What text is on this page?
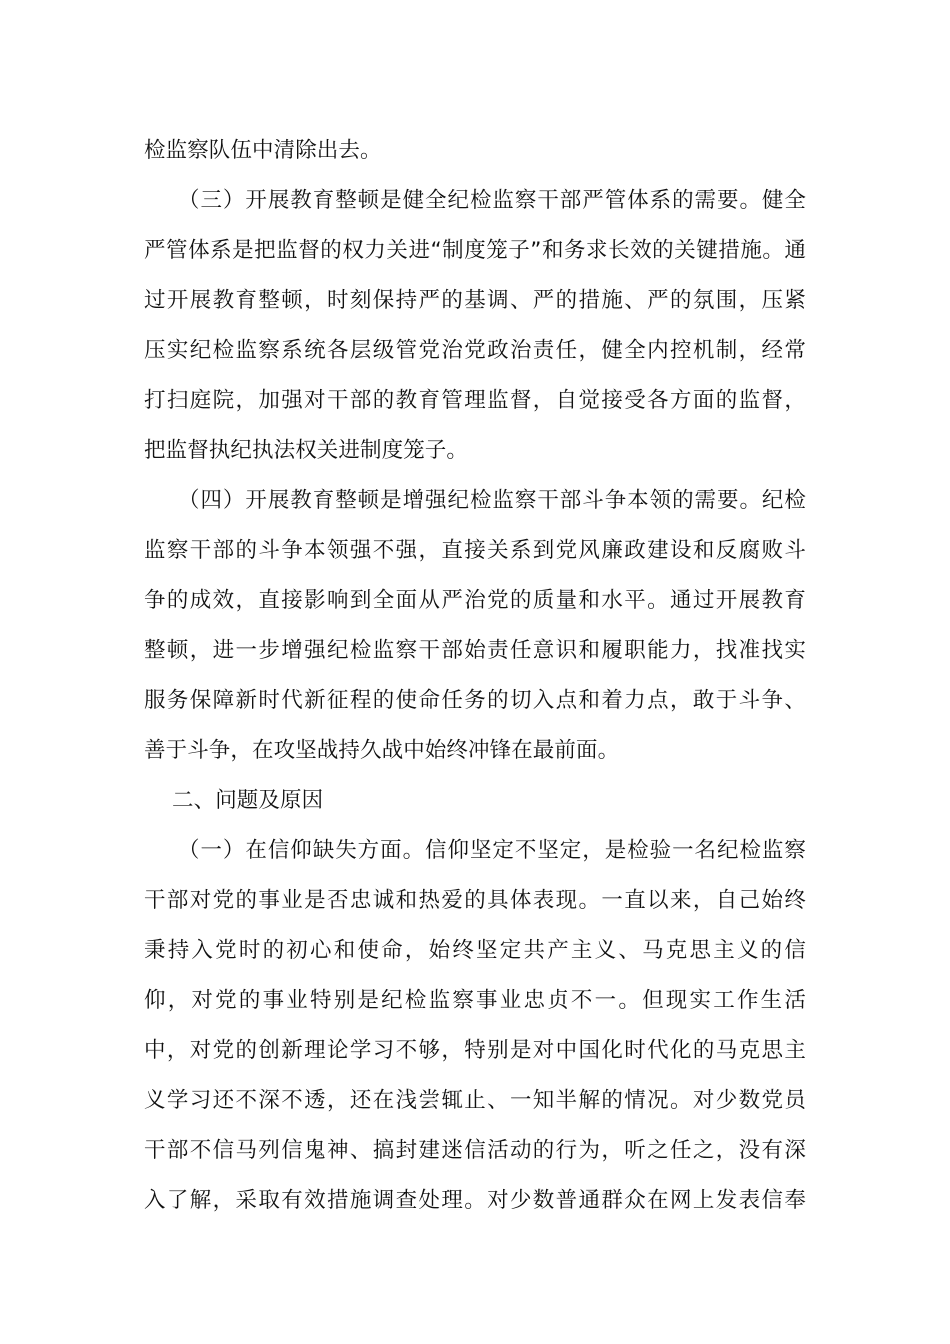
检监察队伍中清除出去。
（三）开展教育整顿是健全纪检监察干部严管体系的需要。健全
严管体系是把监督的权力关进“制度笼子”和务求长效的关键措施。通
过开展教育整顿，时刻保持严的基调、严的措施、严的氛围，压紧
压实纪检监察系统各层级管党治党政治责任，健全内控机制，经常
打扫庭院，加强对干部的教育管理监督，自觉接受各方面的监督，
把监督执纪执法权关进制度笼子。
（四）开展教育整顿是增强纪检监察干部斗争本领的需要。纪检
监察干部的斗争本领强不强，直接关系到党风廉政建设和反腐败斗
争的成效，直接影响到全面从严治党的质量和水平。通过开展教育
整顿，进一步增强纪检监察干部始责任意识和履职能力，找准找实
服务保障新时代新征程的使命任务的切入点和着力点，敢于斗争、
善于斗争，在攻坚战持久战中始终冲锋在最前面。
二、问题及原因
（一）在信仰缺失方面。信仰坚定不坚定，是检验一名纪检监察
干部对党的事业是否忠诚和热爱的具体表现。一直以来，自己始终
秉持入党时的初心和使命，始终坚定共产主义、马克思主义的信
仰，对党的事业特别是纪检监察事业忠贞不一。但现实工作生活
中，对党的创新理论学习不够，特别是对中国化时代化的马克思主
义学习还不深不透，还在浅尝辄止、一知半解的情况。对少数党员
干部不信马列信鬼神、搞封建迷信活动的行为，听之任之，没有深
入了解，采取有效措施调查处理。对少数普通群众在网上发表信奉
